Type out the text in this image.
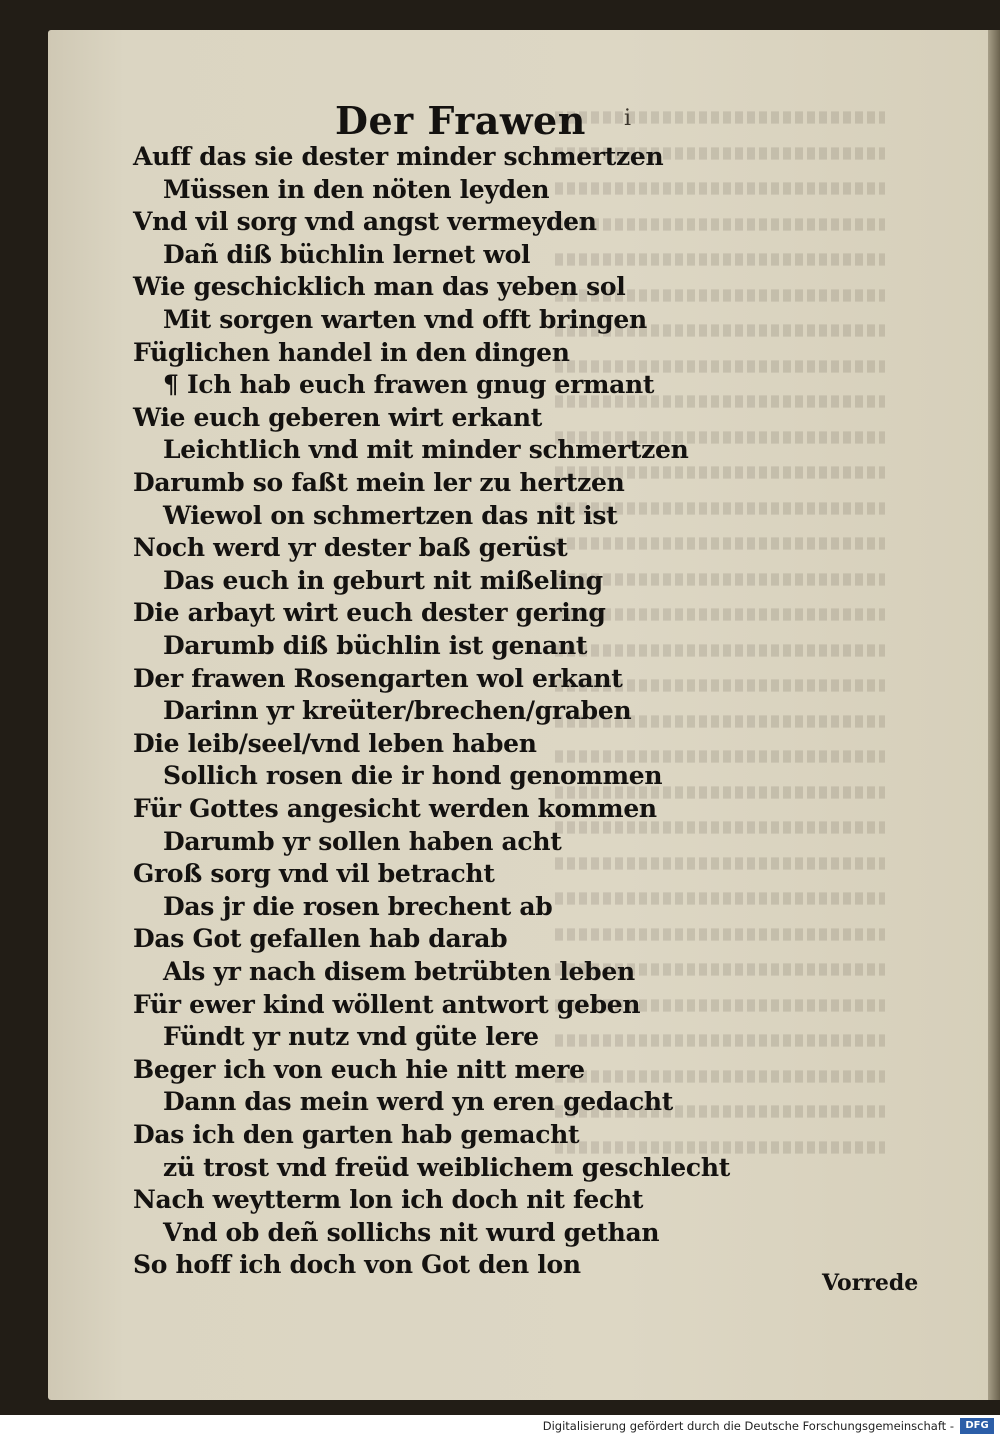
Der Frawen	i
Auff das sie dester minder schmertzen
Müssen in den nöten leyden
Vnd vil sorg vnd angst vermeyden
Dañ diß büchlin lernet wol
Wie geschicklich man das yeben sol
Mit sorgen warten vnd offt bringen
Füglichen handel in den dingen
¶ Ich hab euch frawen gnug ermant
Wie euch geberen wirt erkant
Leichtlich vnd mit minder schmertzen
Darumb so faßt mein ler zu hertzen
Wiewol on schmertzen das nit ist
Noch werd yr dester baß gerüst
Das euch in geburt nit mißeling
Die arbayt wirt euch dester gering
Darumb diß büchlin ist genant
Der frawen Rosengarten wol erkant
Darinn yr kreüter/brechen/graben
Die leib/seel/vnd leben haben
Sollich rosen die ir hond genommen
Für Gottes angesicht werden kommen
Darumb yr sollen haben acht
Groß sorg vnd vil betracht
Das jr die rosen brechent ab
Das Got gefallen hab darab
Als yr nach disem betrübten leben
Für ewer kind wöllent antwort geben
Fündt yr nutz vnd güte lere
Beger ich von euch hie nitt mere
Dann das mein werd yn eren gedacht
Das ich den garten hab gemacht
zü trost vnd freüd weiblichem geschlecht
Nach weytterm lon ich doch nit fecht
Vnd ob deñ sollichs nit wurd gethan
So hoff ich doch von Got den lon
Vorrede
Digitalisierung gefördert durch die Deutsche Forschungsgemeinschaft -	DFG
